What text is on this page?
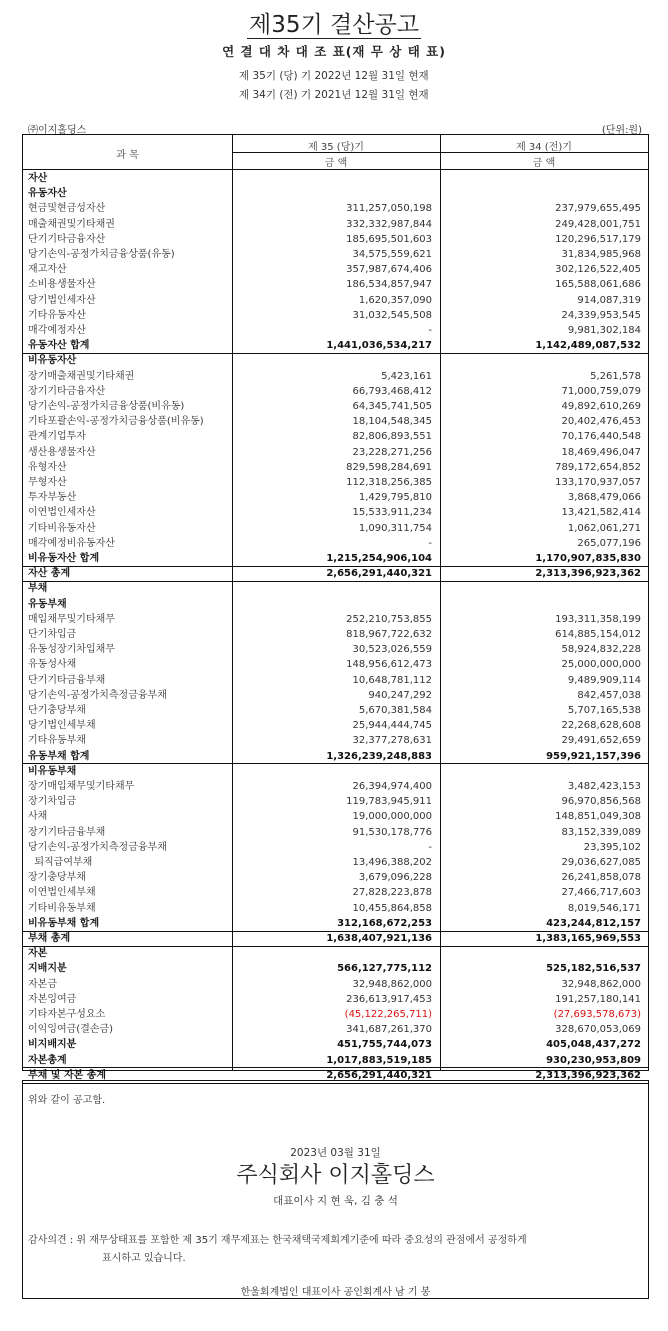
제35기 결산공고
연 결 대 차 대 조 표(재 무 상 태 표)
제 35기 (당) 기 2022년 12월 31일 현재
제 34기 (전) 기 2021년 12월 31일 현재
㈜이지홀딩스	(단위:원)
과 목
제 35 (당)기	제 34 (전)기
금 액	금 액
자산
유동자산
현금및현금성자산	311,257,050,198	237,979,655,495
매출채권및기타채권	332,332,987,844	249,428,001,751
단기기타금융자산	185,695,501,603	120,296,517,179
당기손익-공정가치금융상품(유동)	34,575,559,621	31,834,985,968
재고자산	357,987,674,406	302,126,522,405
소비용생물자산	186,534,857,947	165,588,061,686
당기법인세자산	1,620,357,090	914,087,319
기타유동자산	31,032,545,508	24,339,953,545
매각예정자산	-	9,981,302,184
유동자산 합계	1,441,036,534,217	1,142,489,087,532
비유동자산
장기매출채권및기타채권	5,423,161	5,261,578
장기기타금융자산	66,793,468,412	71,000,759,079
당기손익-공정가치금융상품(비유동)	64,345,741,505	49,892,610,269
기타포괄손익-공정가치금융상품(비유동)	18,104,548,345	20,402,476,453
관계기업투자	82,806,893,551	70,176,440,548
생산용생물자산	23,228,271,256	18,469,496,047
유형자산	829,598,284,691	789,172,654,852
무형자산	112,318,256,385	133,170,937,057
투자부동산	1,429,795,810	3,868,479,066
이연법인세자산	15,533,911,234	13,421,582,414
기타비유동자산	1,090,311,754	1,062,061,271
매각예정비유동자산	-	265,077,196
비유동자산 합계	1,215,254,906,104	1,170,907,835,830
자산 총계	2,656,291,440,321	2,313,396,923,362
부채
유동부채
매입채무및기타채무	252,210,753,855	193,311,358,199
단기차입금	818,967,722,632	614,885,154,012
유동성장기차입채무	30,523,026,559	58,924,832,228
유동성사채	148,956,612,473	25,000,000,000
단기기타금융부채	10,648,781,112	9,489,909,114
당기손익-공정가치측정금융부채	940,247,292	842,457,038
단기충당부채	5,670,381,584	5,707,165,538
당기법인세부채	25,944,444,745	22,268,628,608
기타유동부채	32,377,278,631	29,491,652,659
유동부채 합계	1,326,239,248,883	959,921,157,396
비유동부채
장기매입채무및기타채무	26,394,974,400	3,482,423,153
장기차입금	119,783,945,911	96,970,856,568
사채	19,000,000,000	148,851,049,308
장기기타금융부채	91,530,178,776	83,152,339,089
당기손익-공정가치측정금융부채	-	23,395,102
퇴직급여부채	13,496,388,202	29,036,627,085
장기충당부채	3,679,096,228	26,241,858,078
이연법인세부채	27,828,223,878	27,466,717,603
기타비유동부채	10,455,864,858	8,019,546,171
비유동부채 합계	312,168,672,253	423,244,812,157
부채 총계	1,638,407,921,136	1,383,165,969,553
자본
지배지분	566,127,775,112	525,182,516,537
자본금	32,948,862,000	32,948,862,000
자본잉여금	236,613,917,453	191,257,180,141
기타자본구성요소	(45,122,265,711)	(27,693,578,673)
이익잉여금(결손금)	341,687,261,370	328,670,053,069
비지배지분	451,755,744,073	405,048,437,272
자본총계	1,017,883,519,185	930,230,953,809
부채 및 자본 총계	2,656,291,440,321	2,313,396,923,362
위와 같이 공고함.
2023년 03월 31일
주식회사 이지홀딩스
대표이사 지 현 욱, 김 충 석
감사의견 : 위 재무상태표를 포함한 제 35기 재무제표는 한국채택국제회계기준에 따라 중요성의 관점에서 공정하게
표시하고 있습니다.
한울회계법인 대표이사 공인회계사 남 기 봉
